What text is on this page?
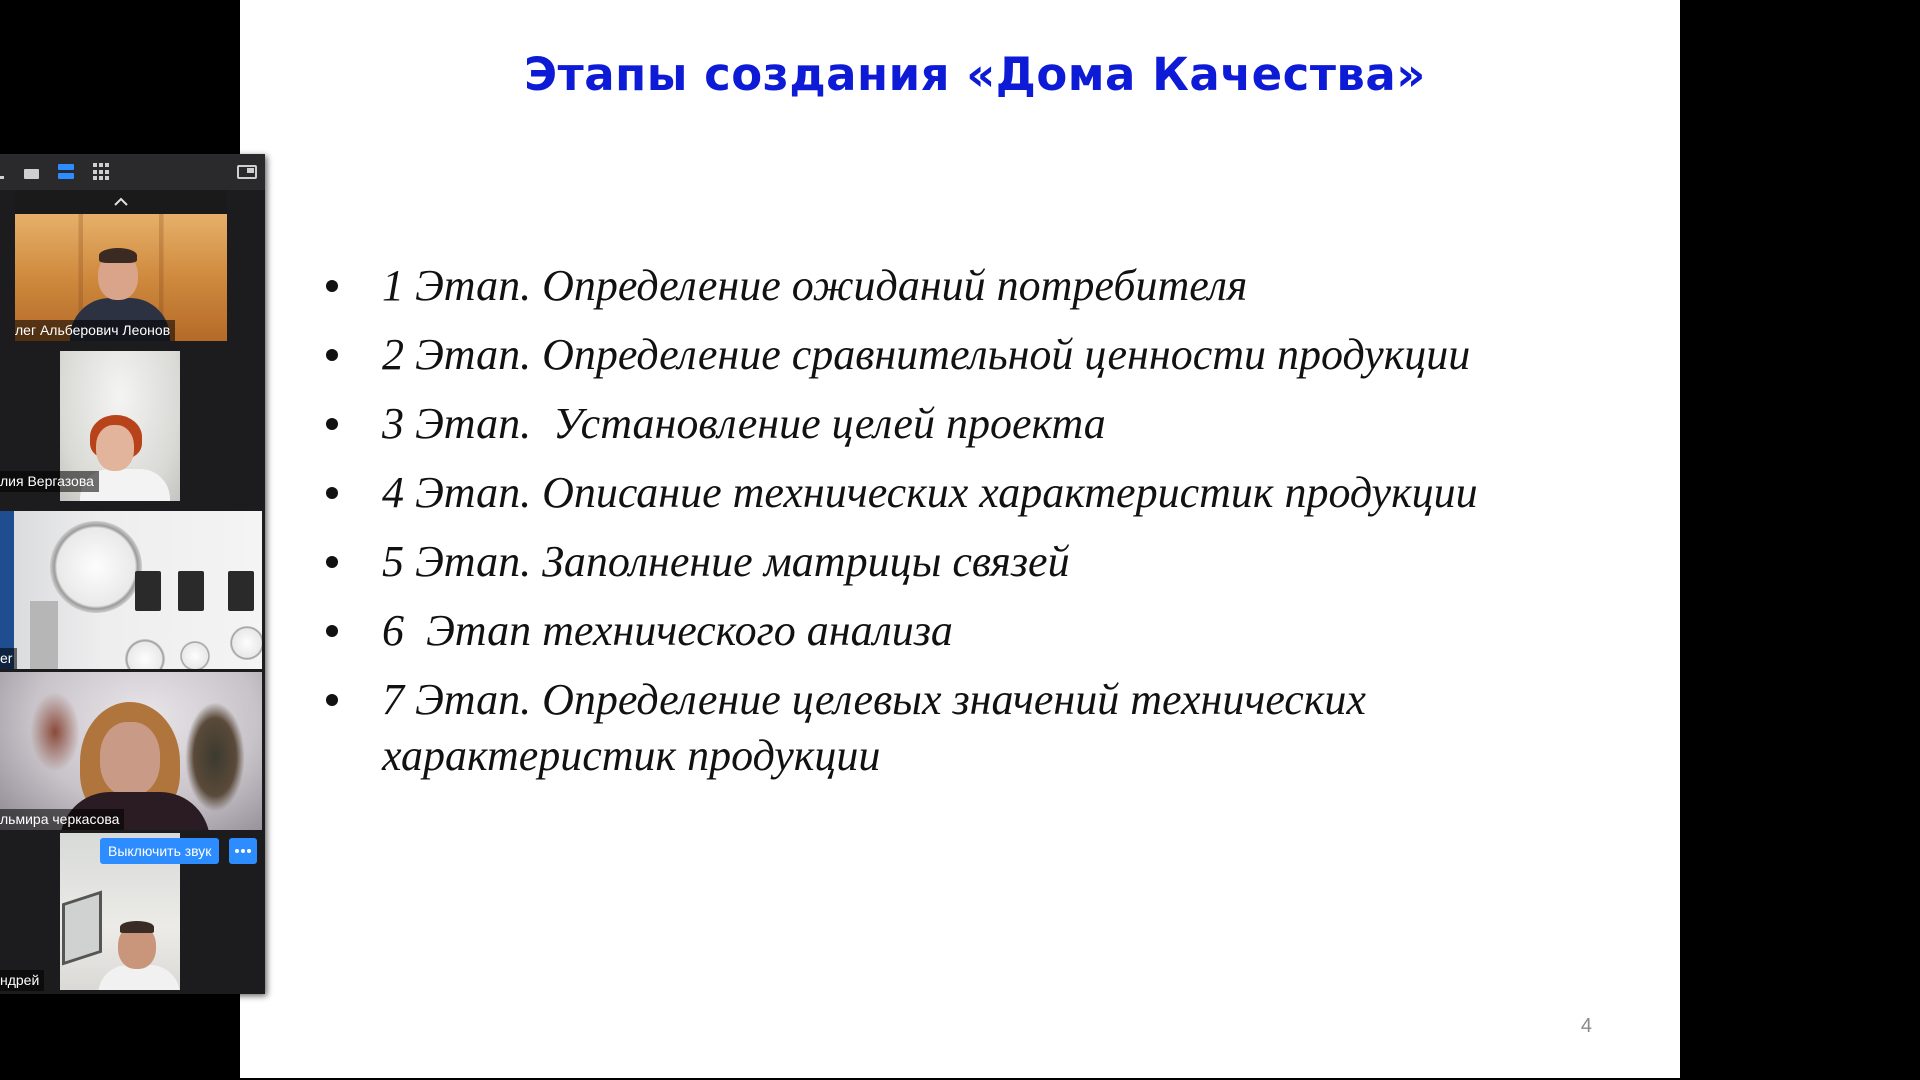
Этапы создания «Дома Качества»
1 Этап. Определение ожиданий потребителя
2 Этап. Определение сравнительной ценности продукции
3 Этап.  Установление целей проекта
4 Этап. Описание технических характеристик продукции
5 Этап. Заполнение матрицы связей
6  Этап технического анализа
7 Этап. Определение целевых значений технических характеристик продукции
4
лег Альберович Леонов
лия Вергазова
er
льмира черкасова
ндрей
Выключить звук
